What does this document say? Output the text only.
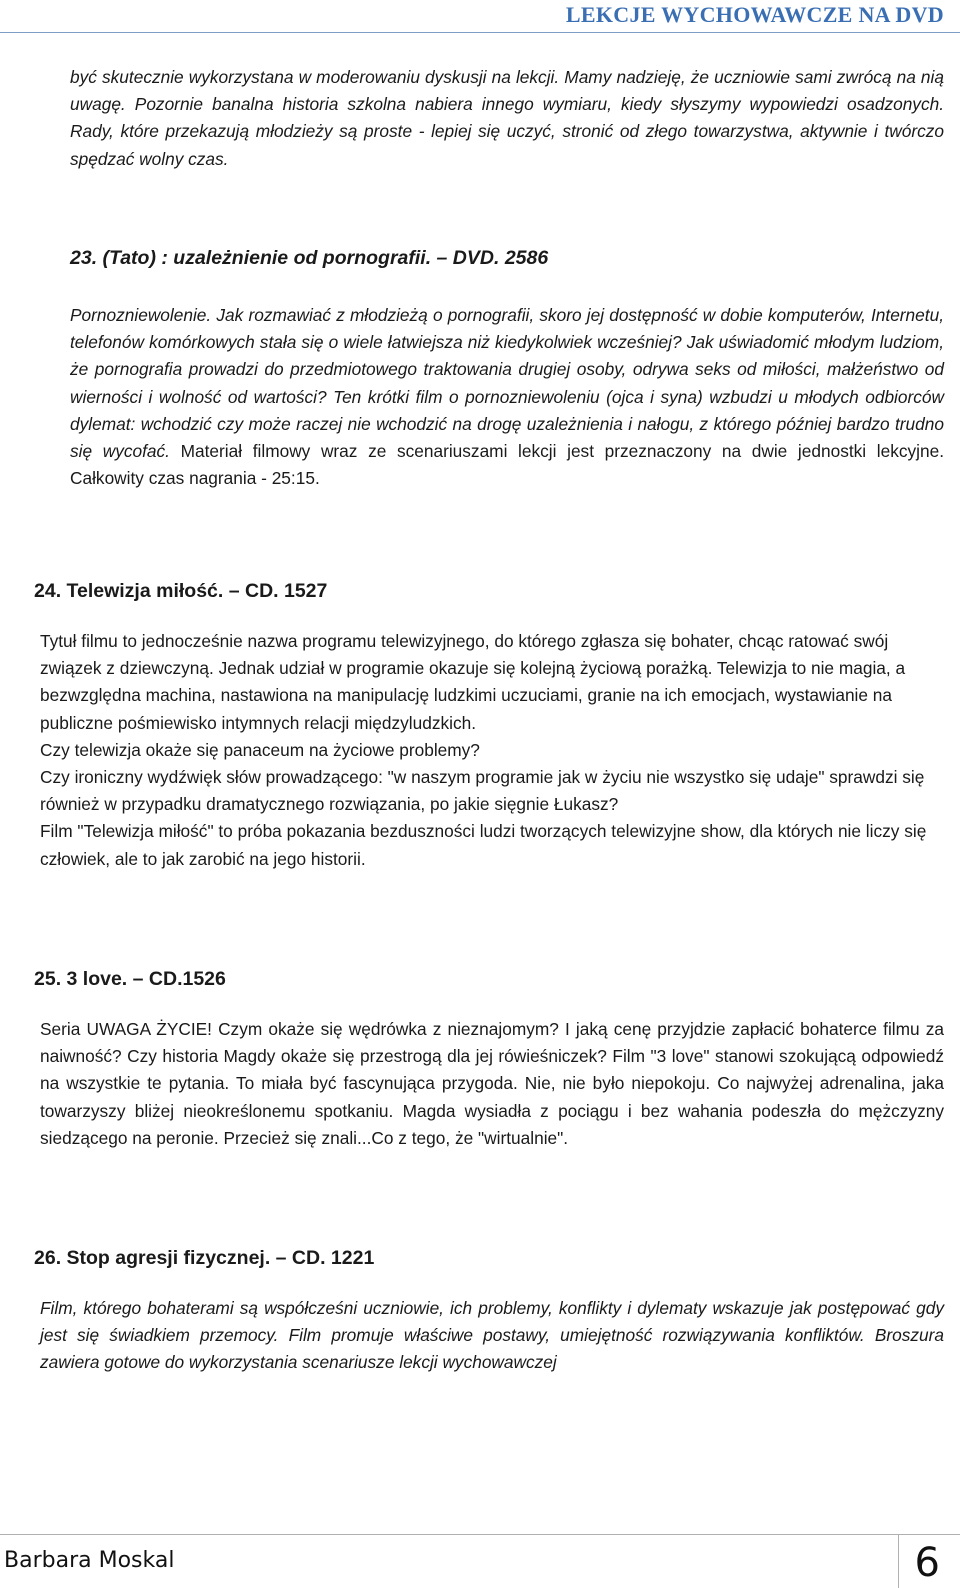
LEKCJE WYCHOWAWCZE NA DVD

być skutecznie wykorzystana w moderowaniu dyskusji na lekcji. Mamy nadzieję, że uczniowie sami zwrócą na nią uwagę. Pozornie banalna historia szkolna nabiera innego wymiaru, kiedy słyszymy wypowiedzi osadzonych. Rady, które przekazują młodzieży są proste - lepiej się uczyć, stronić od złego towarzystwa, aktywnie i twórczo spędzać wolny czas.

23. (Tato) : uzależnienie od pornografii. – DVD. 2586

Pornozniewolenie. Jak rozmawiać z młodzieżą o pornografii, skoro jej dostępność w dobie komputerów, Internetu, telefonów komórkowych stała się o wiele łatwiejsza niż kiedykolwiek wcześniej? Jak uświadomić młodym ludziom, że pornografia prowadzi do przedmiotowego traktowania drugiej osoby, odrywa seks od miłości, małżeństwo od wierności i wolność od wartości? Ten krótki film o pornozniewoleniu (ojca i syna) wzbudzi u młodych odbiorców dylemat: wchodzić czy może raczej nie wchodzić na drogę uzależnienia i nałogu, z którego później bardzo trudno się wycofać. Materiał filmowy wraz ze scenariuszami lekcji jest przeznaczony na dwie jednostki lekcyjne. Całkowity czas nagrania - 25:15.

24. Telewizja miłość. – CD. 1527

Tytuł filmu to jednocześnie nazwa programu telewizyjnego, do którego zgłasza się bohater, chcąc ratować swój związek z dziewczyną. Jednak udział w programie okazuje się kolejną życiową porażką. Telewizja to nie magia, a bezwzględna machina, nastawiona na manipulację ludzkimi uczuciami, granie na ich emocjach, wystawianie na publiczne pośmiewisko intymnych relacji międzyludzkich.

Czy telewizja okaże się panaceum na życiowe problemy?

Czy ironiczny wydźwięk słów prowadzącego: "w naszym programie jak w życiu nie wszystko się udaje" sprawdzi się również w przypadku dramatycznego rozwiązania, po jakie sięgnie Łukasz?

Film "Telewizja miłość" to próba pokazania bezduszności ludzi tworzących telewizyjne show, dla których nie liczy się człowiek, ale to jak zarobić na jego historii.

25. 3 love. – CD.1526

Seria UWAGA ŻYCIE! Czym okaże się wędrówka z nieznajomym? I jaką cenę przyjdzie zapłacić bohaterce filmu za naiwność? Czy historia Magdy okaże się przestrogą dla jej rówieśniczek? Film "3 love" stanowi szokującą odpowiedź na wszystkie te pytania. To miała być fascynująca przygoda. Nie, nie było niepokoju. Co najwyżej adrenalina, jaka towarzyszy bliżej nieokreślonemu spotkaniu. Magda wysiadła z pociągu i bez wahania podeszła do mężczyzny siedzącego na peronie. Przecież się znali...Co z tego, że "wirtualnie".

26. Stop agresji fizycznej. – CD. 1221

Film, którego bohaterami są współcześni uczniowie, ich problemy, konflikty i dylematy wskazuje jak postępować gdy jest się świadkiem przemocy. Film promuje właściwe postawy, umiejętność rozwiązywania konfliktów. Broszura zawiera gotowe do wykorzystania scenariusze lekcji wychowawczej

Barbara Moskal	6
